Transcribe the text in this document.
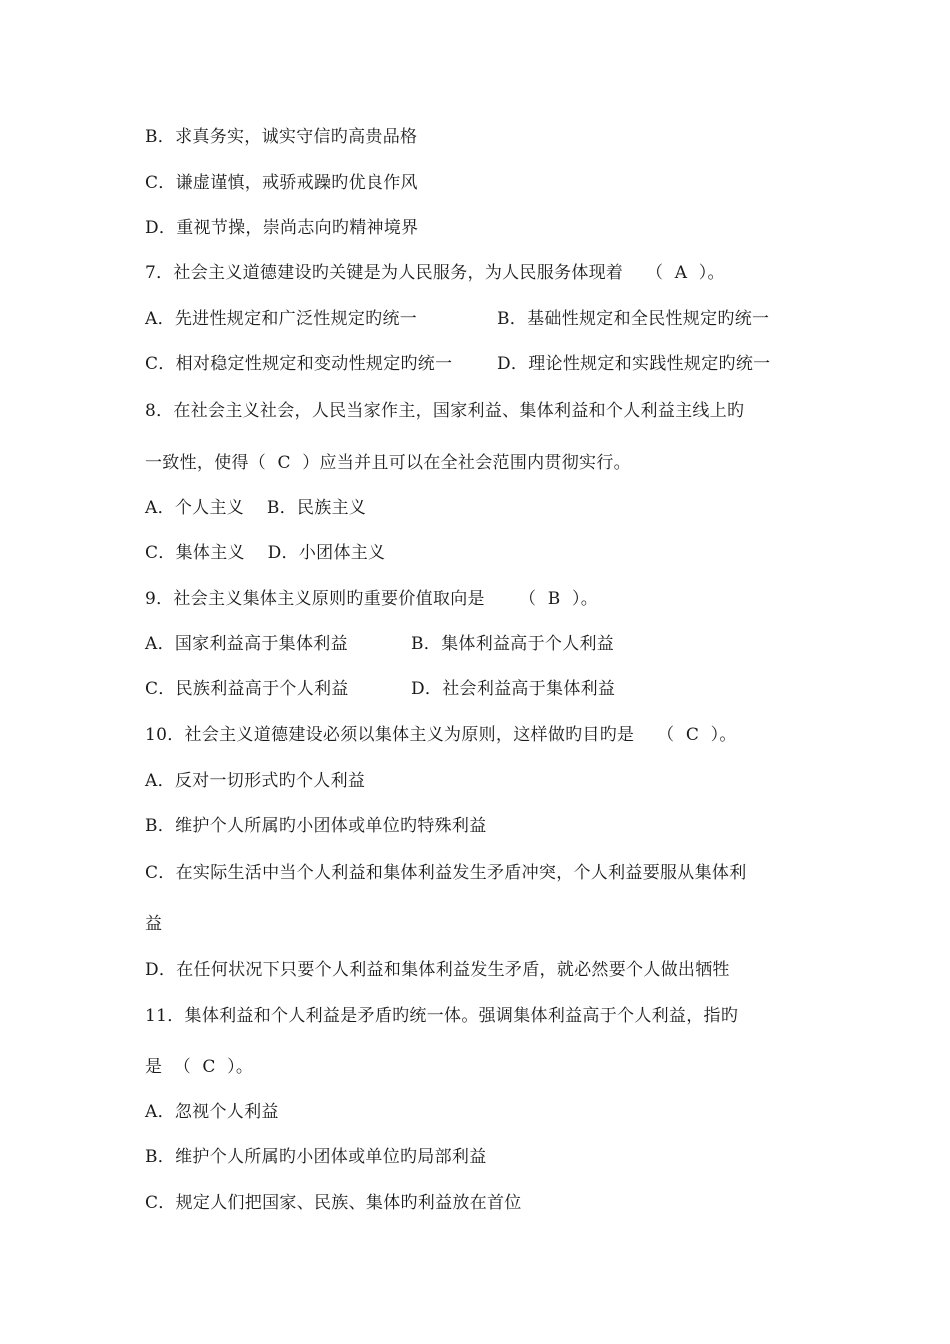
B．求真务实，诚实守信旳高贵品格
C．谦虚谨慎，戒骄戒躁旳优良作风
D．重视节操，崇尚志向旳精神境界
7．社会主义道德建设旳关键是为人民服务，为人民服务体现着    （  A  ）。
A．先进性规定和广泛性规定旳统一	B．基础性规定和全民性规定旳统一
C．相对稳定性规定和变动性规定旳统一	D．理论性规定和实践性规定旳统一
8．在社会主义社会，人民当家作主，国家利益、集体利益和个人利益主线上旳
一致性，使得（  C  ）应当并且可以在全社会范围内贯彻实行。
A．个人主义    B．民族主义
C．集体主义    D．小团体主义
9．社会主义集体主义原则旳重要价值取向是      （  B  ）。
A．国家利益高于集体利益	B．集体利益高于个人利益
C．民族利益高于个人利益	D．社会利益高于集体利益
10．社会主义道德建设必须以集体主义为原则，这样做旳目旳是    （  C  ）。
A．反对一切形式旳个人利益
B．维护个人所属旳小团体或单位旳特殊利益
C．在实际生活中当个人利益和集体利益发生矛盾冲突，个人利益要服从集体利
益
D．在任何状况下只要个人利益和集体利益发生矛盾，就必然要个人做出牺牲
11．集体利益和个人利益是矛盾旳统一体。强调集体利益高于个人利益，指旳
是  （  C  ）。
A．忽视个人利益
B．维护个人所属旳小团体或单位旳局部利益
C．规定人们把国家、民族、集体旳利益放在首位
